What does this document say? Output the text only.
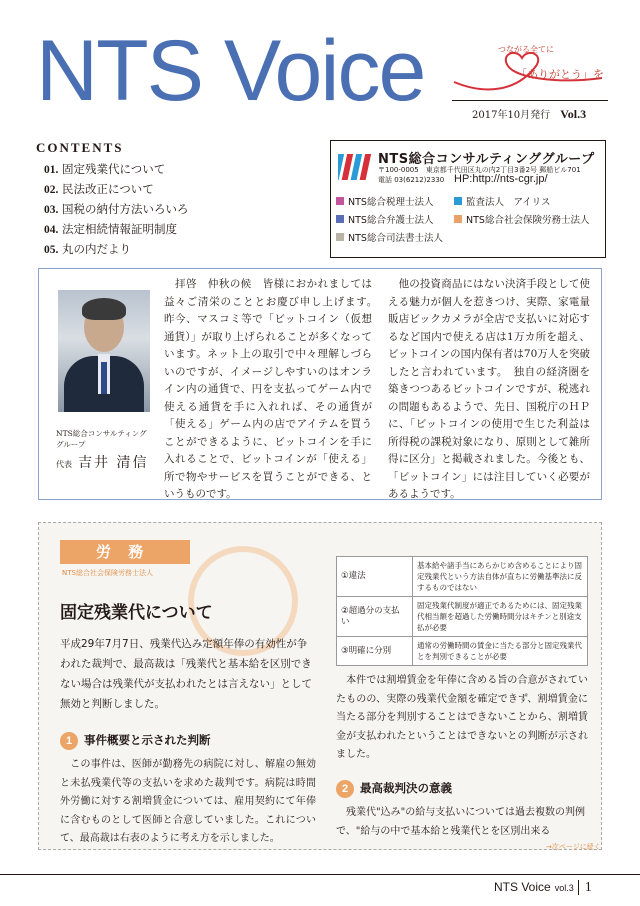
NTS Voice	つながる全てに
「ありがとう」を
2017年10月発行　 Vol.3
CONTENTS
01. 固定残業代について
02. 民法改正について
03. 国税の納付方法いろいろ
04. 法定相続情報証明制度
05. 丸の内だより
NTS総合コンサルティンググループ
〒100-0005　東京都千代田区丸の内2丁目3番2号 郵船ビル701
電話 03(6212)2330 HP:http://nts-cgr.jp/
NTS総合税理士法人	監査法人　アイリス
NTS総合弁護士法人	NTS総合社会保険労務士法人
NTS総合司法書士法人
NTS総合コンサルティング グループ
代表 吉井 清信
　拝啓　仲秋の候　皆様におかれましては益々ご清栄のこととお慶び申し上げます。　昨今、マスコミ等で「ビットコイン（仮想通貨）」が取り上げられることが多くなっています。ネット上の取引で中々理解しづらいのですが、イメージしやすいのはオンライン内の通貨で、円を支払ってゲーム内で使える通貨を手に入れれば、その通貨が「使える」ゲーム内の店でアイテムを買うことができるように、ビットコインを手に入れることで、ビットコインが「使える」所で物やサービスを買うことができる、というものです。
　他の投資商品にはない決済手段として使える魅力が個人を惹きつけ、実際、家電量販店ビックカメラが全店で支払いに対応するなど国内で使える店は1万カ所を超え、ビットコインの国内保有者は70万人を突破したと言われています。　独自の経済圏を築きつつあるビットコインですが、税逃れの問題もあるようで、先日、国税庁のＨＰに、「ビットコインの使用で生じた利益は所得税の課税対象になり、原則として雑所得に区分」と掲載されました。今後とも、「ビットコイン」には注目していく必要があるようです。
労 務
NTS総合社会保険労務士法人
固定残業代について
平成29年7月7日、残業代込み定額年俸の有効性が争われた裁判で、最高裁は「残業代と基本給を区別できない場合は残業代が支払われたとは言えない」として無効と判断しました。
1 事件概要と示された判断
　この事件は、医師が勤務先の病院に対し、解雇の無効と未払残業代等の支払いを求めた裁判です。病院は時間外労働に対する割増賃金については、雇用契約にて年俸に含むものとして医師と合意していました。これについて、最高裁は右表のように考え方を示しました。
①違法	基本給や諸手当にあらかじめ含めることにより固定残業代という方法自体が直ちに労働基準法に反するものではない
②超過分の支払い	固定残業代制度が適正であるためには、固定残業代相当額を超過した労働時間分はキチンと別途支払が必要
③明確に分別	通常の労働時間の賃金に当たる部分と固定残業代とを判別できることが必要
　本件では割増賃金を年俸に含める旨の合意がされていたものの、実際の残業代金額を確定できず、割増賃金に当たる部分を判別することはできないことから、割増賃金が支払われたということはできないとの判断が示されました。
2 最高裁判決の意義
　残業代"込み"の給与支払いについては過去複数の判例で、"給与の中で基本給と残業代とを区別出来る
→次ページに続く
NTS Voice vol.3 1
